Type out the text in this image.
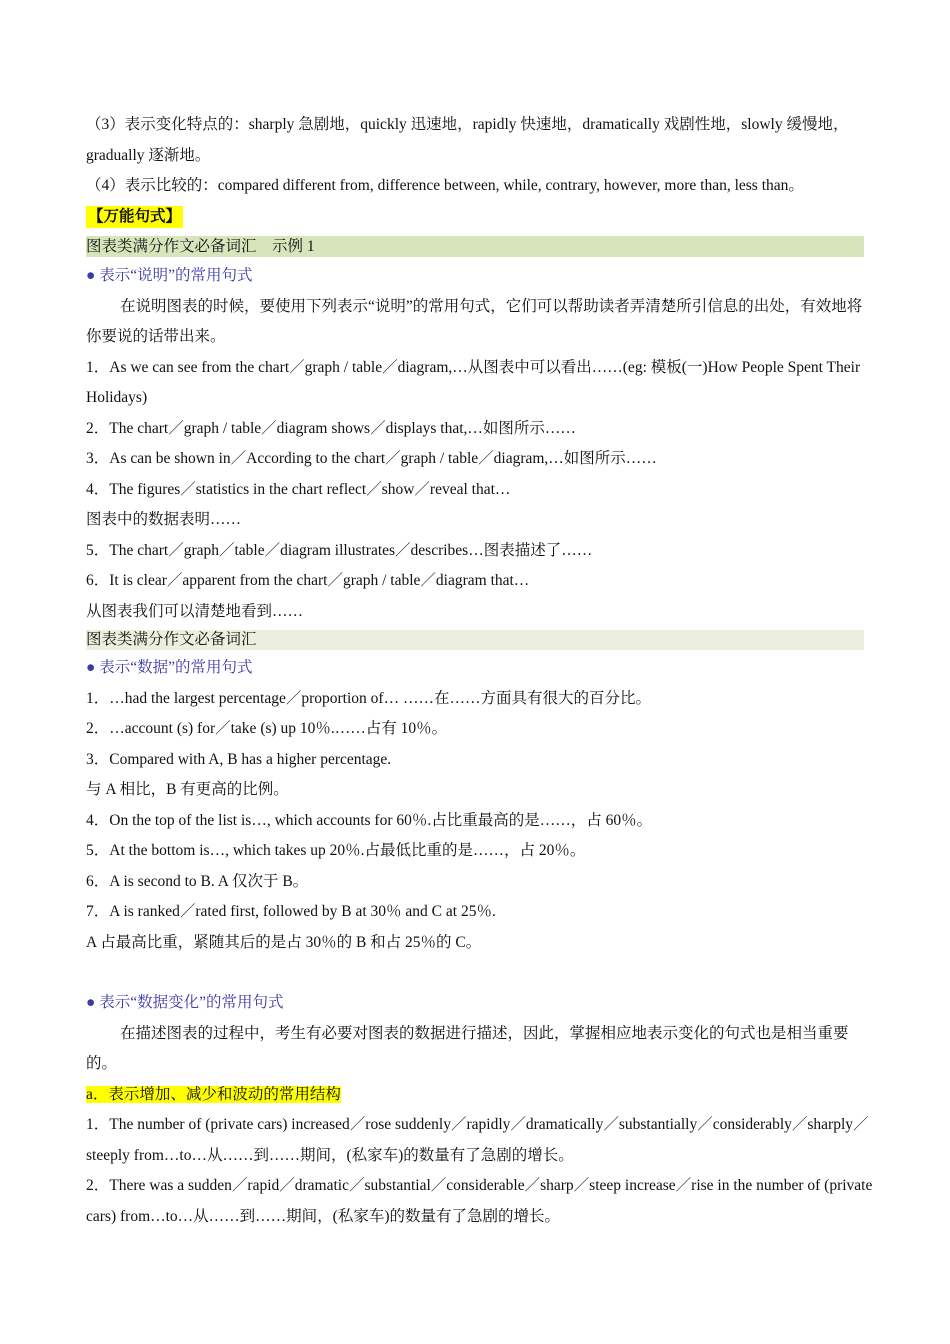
（3）表示变化特点的：sharply 急剧地，quickly 迅速地，rapidly 快速地，dramatically 戏剧性地，slowly 缓慢地，gradually 逐渐地。

（4）表示比较的：compared different from, difference between, while, contrary, however, more than, less than。

【万能句式】

图表类满分作文必备词汇　示例 1

● 表示“说明”的常用句式

在说明图表的时候，要使用下列表示“说明”的常用句式，它们可以帮助读者弄清楚所引信息的出处，有效地将你要说的话带出来。

1．As we can see from the chart／graph / table／diagram,…从图表中可以看出……(eg: 模板(一)How People Spent Their Holidays)

2．The chart／graph / table／diagram shows／displays that,…如图所示……

3．As can be shown in／According to the chart／graph / table／diagram,…如图所示……

4．The figures／statistics in the chart reflect／show／reveal that…

图表中的数据表明……

5．The chart／graph／table／diagram illustrates／describes…图表描述了……

6．It is clear／apparent from the chart／graph / table／diagram that…

从图表我们可以清楚地看到……

图表类满分作文必备词汇

● 表示“数据”的常用句式

1．…had the largest percentage／proportion of… ……在……方面具有很大的百分比。

2．…account (s) for／take (s) up 10％.……占有 10％。

3．Compared with A, B has a higher percentage.

与 A 相比，B 有更高的比例。

4．On the top of the list is…, which accounts for 60％.占比重最高的是……，占 60％。

5．At the bottom is…, which takes up 20％.占最低比重的是……，占 20％。

6．A is second to B. A 仅次于 B。

7．A is ranked／rated first, followed by B at 30％ and C at 25％.

A 占最高比重，紧随其后的是占 30％的 B 和占 25％的 C。

● 表示“数据变化”的常用句式

在描述图表的过程中，考生有必要对图表的数据进行描述，因此，掌握相应地表示变化的句式也是相当重要的。

a．表示增加、减少和波动的常用结构

1．The number of (private cars) increased／rose suddenly／rapidly／dramatically／substantially／considerably／sharply／steeply from…to…从……到……期间，(私家车)的数量有了急剧的增长。

2．There was a sudden／rapid／dramatic／substantial／considerable／sharp／steep increase／rise in the number of (private cars) from…to…从……到……期间，(私家车)的数量有了急剧的增长。
